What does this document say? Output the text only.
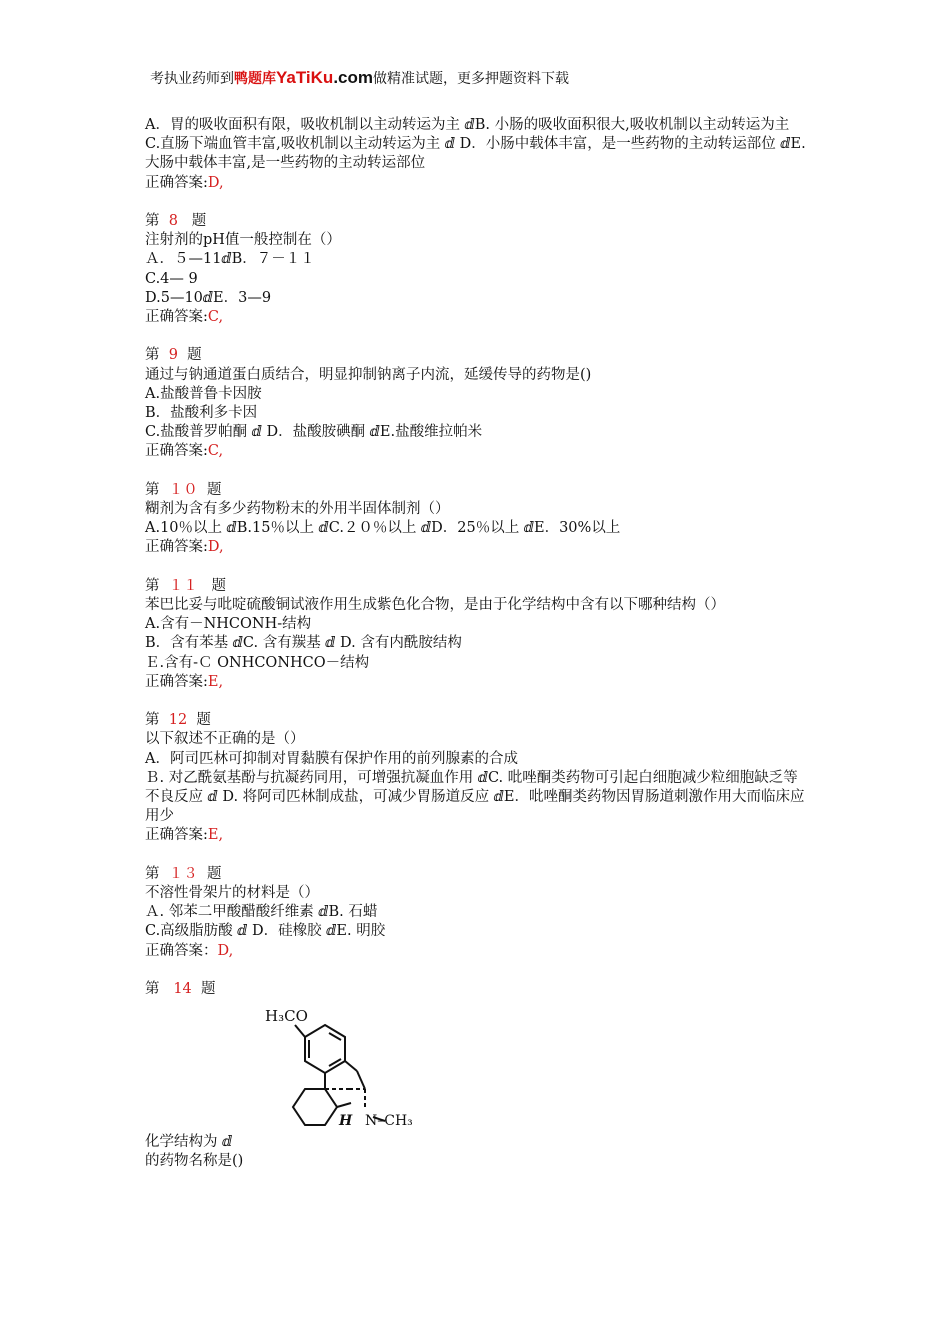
考执业药师到鸭题库YaTiKu.com做精准试题，更多押题资料下载
A．胃的吸收面积有限，吸收机制以主动转运为主 ⅆB. 小肠的吸收面积很大,吸收机制以主动转运为主
C.直肠下端血管丰富,吸收机制以主动转运为主 ⅆ D．小肠中载体丰富，是一些药物的主动转运部位 ⅆE. 大肠中载体丰富,是一些药物的主动转运部位
正确答案:D,
第 8 题
注射剂的pH值一般控制在（）
Ａ．５—11ⅆB．７－１１
C.4— 9
D.5—10ⅆE．3—9
正确答案:C,
第 9 题
通过与钠通道蛋白质结合，明显抑制钠离子内流，延缓传导的药物是()
A.盐酸普鲁卡因胺
B．盐酸利多卡因
C.盐酸普罗帕酮 ⅆ D．盐酸胺碘酮 ⅆE.盐酸维拉帕米
正确答案:C,
第 １０ 题
糊剂为含有多少药物粉末的外用半固体制剂（）
A.10％以上 ⅆB.15％以上 ⅆC.２０％以上 ⅆD．25％以上 ⅆE．30%以上
正确答案:D,
第 １１ 题
苯巴比妥与吡啶硫酸铜试液作用生成紫色化合物，是由于化学结构中含有以下哪种结构（）
A.含有－NHCONH-结构
B．含有苯基 ⅆC. 含有羰基 ⅆ D. 含有内酰胺结构
Ｅ.含有-Ｃ ONHCONHCO－结构
正确答案:E,
第 12 题
以下叙述不正确的是（）
A．阿司匹林可抑制对胃黏膜有保护作用的前列腺素的合成
Ｂ. 对乙酰氨基酚与抗凝药同用，可增强抗凝血作用 ⅆC. 吡唑酮类药物可引起白细胞减少粒细胞缺乏等不良反应 ⅆ D. 将阿司匹林制成盐，可减少胃肠道反应 ⅆE．吡唑酮类药物因胃肠道刺激作用大而临床应用少
正确答案:E,
第 １３ 题
不溶性骨架片的材料是（）
Ａ. 邻苯二甲酸醋酸纤维素 ⅆB. 石蜡
C.高级脂肪酸 ⅆ D．硅橡胶 ⅆE. 明胶
正确答案：D,
第 14 题
H₃CO
H N–CH₃
化学结构为 ⅆ
的药物名称是()
